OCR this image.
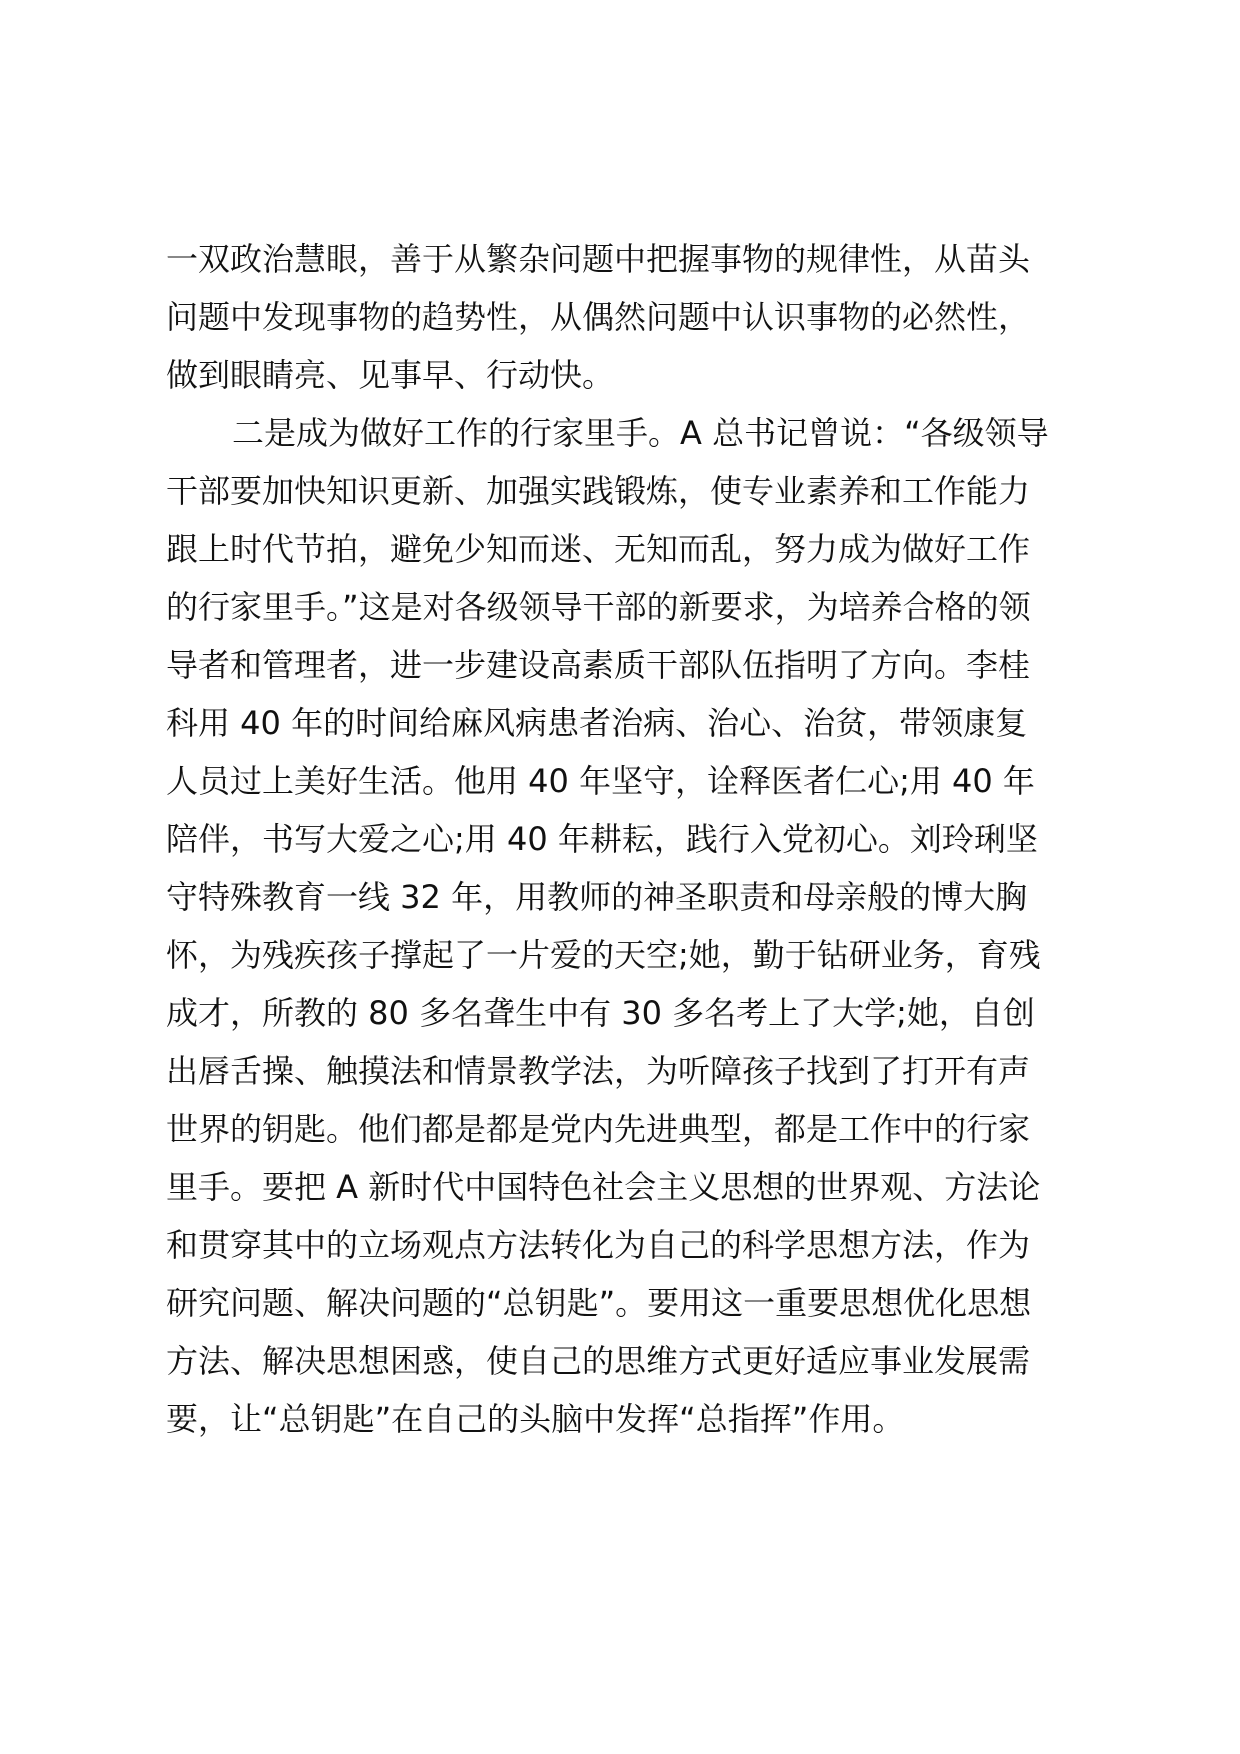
一双政治慧眼，善于从繁杂问题中把握事物的规律性，从苗头
问题中发现事物的趋势性，从偶然问题中认识事物的必然性，
做到眼睛亮、见事早、行动快。
二是成为做好工作的行家里手。A 总书记曾说：“各级领导
干部要加快知识更新、加强实践锻炼，使专业素养和工作能力
跟上时代节拍，避免少知而迷、无知而乱，努力成为做好工作
的行家里手。”这是对各级领导干部的新要求，为培养合格的领
导者和管理者，进一步建设高素质干部队伍指明了方向。李桂
科用 40 年的时间给麻风病患者治病、治心、治贫，带领康复
人员过上美好生活。他用 40 年坚守，诠释医者仁心;用 40 年
陪伴，书写大爱之心;用 40 年耕耘，践行入党初心。刘玲琍坚
守特殊教育一线 32 年，用教师的神圣职责和母亲般的博大胸
怀，为残疾孩子撑起了一片爱的天空;她，勤于钻研业务，育残
成才，所教的 80 多名聋生中有 30 多名考上了大学;她，自创
出唇舌操、触摸法和情景教学法，为听障孩子找到了打开有声
世界的钥匙。他们都是都是党内先进典型，都是工作中的行家
里手。要把 A 新时代中国特色社会主义思想的世界观、方法论
和贯穿其中的立场观点方法转化为自己的科学思想方法，作为
研究问题、解决问题的“总钥匙”。要用这一重要思想优化思想
方法、解决思想困惑，使自己的思维方式更好适应事业发展需
要，让“总钥匙”在自己的头脑中发挥“总指挥”作用。
